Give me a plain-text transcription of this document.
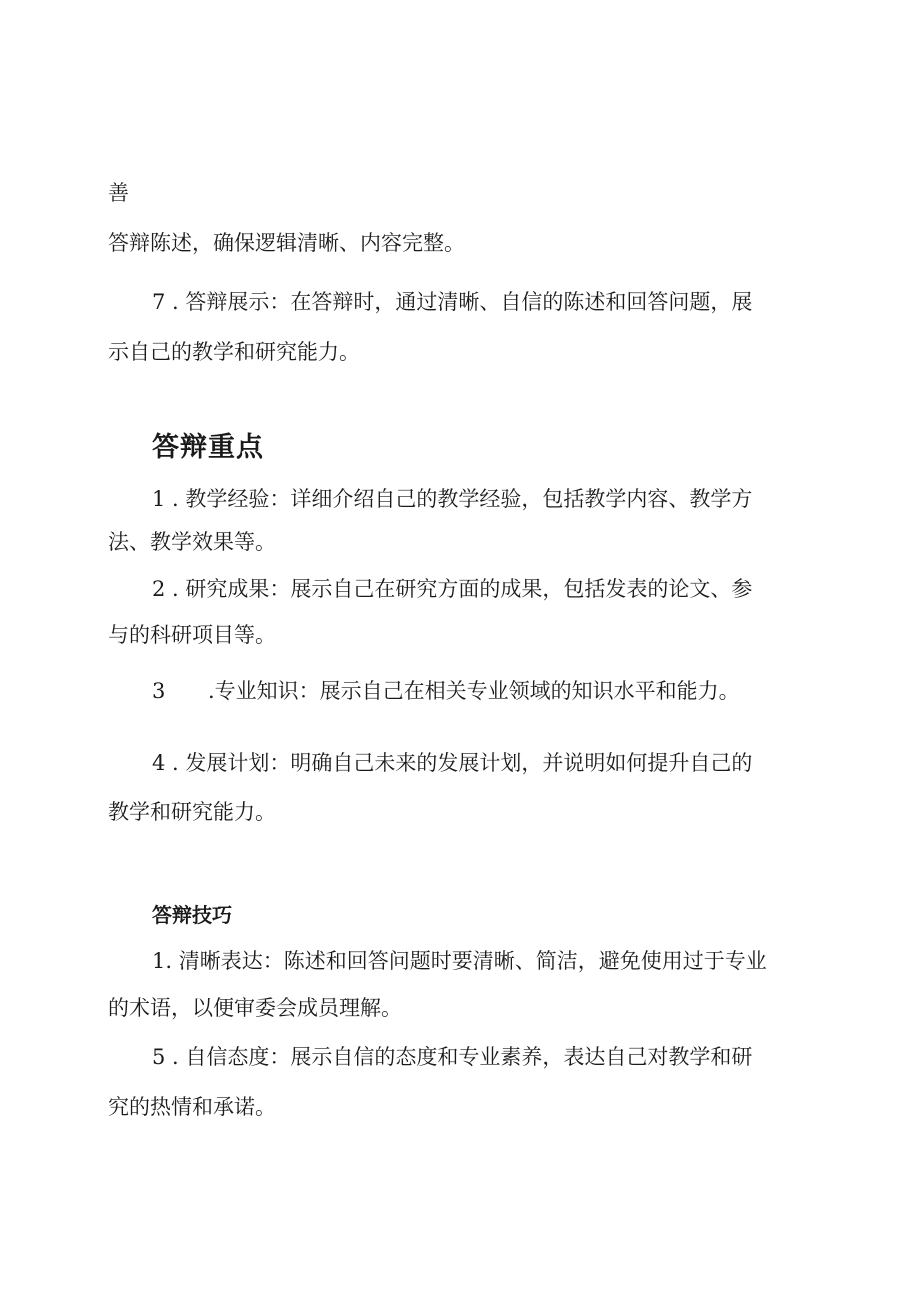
善

答辩陈述，确保逻辑清晰、内容完整。

7 . 答辩展示：在答辩时，通过清晰、自信的陈述和回答问题，展

示自己的教学和研究能力。

答辩重点

1 . 教学经验：详细介绍自己的教学经验，包括教学内容、教学方

法、教学效果等。

2 . 研究成果：展示自己在研究方面的成果，包括发表的论文、参

与的科研项目等。

3 .专业知识：展示自己在相关专业领域的知识水平和能力。

4 . 发展计划：明确自己未来的发展计划，并说明如何提升自己的

教学和研究能力。

答辩技巧

1. 清晰表达：陈述和回答问题时要清晰、简洁，避免使用过于专业

的术语，以便审委会成员理解。

5 . 自信态度：展示自信的态度和专业素养，表达自己对教学和研

究的热情和承诺。
